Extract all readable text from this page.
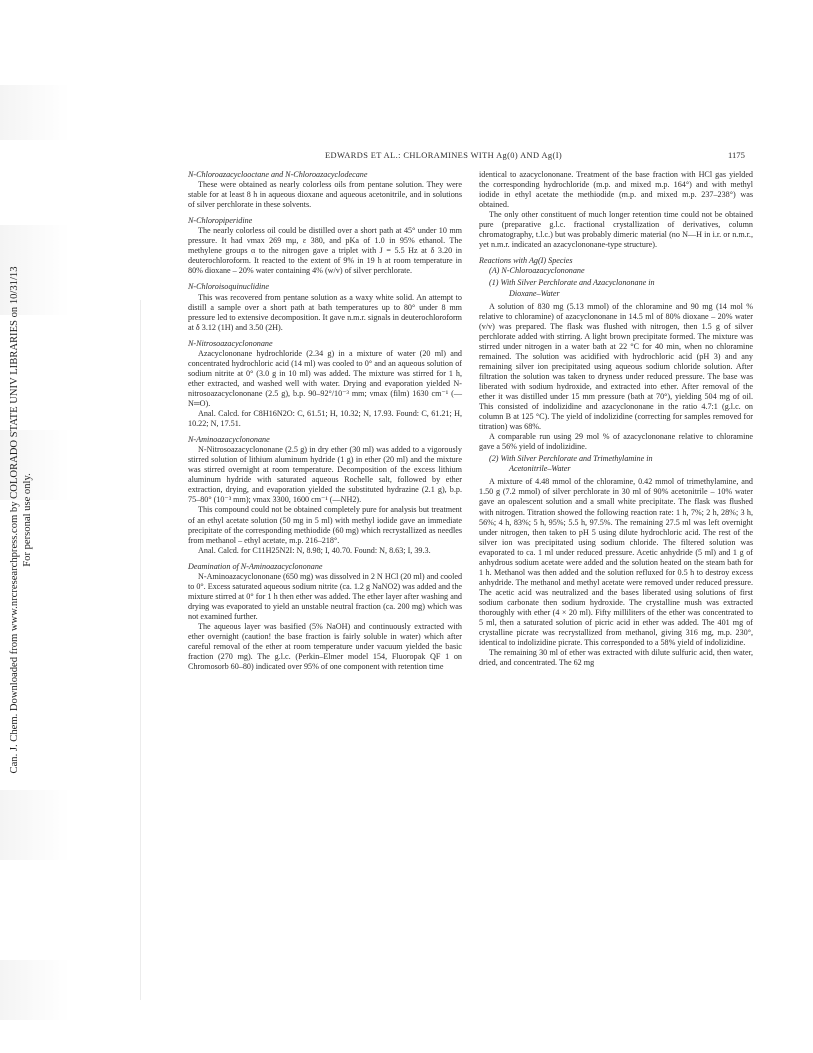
Can. J. Chem. Downloaded from www.nrcresearchpress.com by COLORADO STATE UNIV LIBRARIES on 10/31/13 For personal use only.
EDWARDS ET AL.: CHLORAMINES WITH Ag(0) AND Ag(I)	1175
N-Chloroazacyclooctane and N-Chloroazacyclodecane

These were obtained as nearly colorless oils from pentane solution. They were stable for at least 8 h in aqueous dioxane and aqueous acetonitrile, and in solutions of silver perchlorate in these solvents.

N-Chloropiperidine

The nearly colorless oil could be distilled over a short path at 45° under 10 mm pressure. It had νmax 269 mμ, ε 380, and pKa of 1.0 in 95% ethanol. The methylene groups α to the nitrogen gave a triplet with J = 5.5 Hz at δ 3.20 in deuterochloroform. It reacted to the extent of 9% in 19 h at room temperature in 80% dioxane – 20% water containing 4% (w/v) of silver perchlorate.

N-Chloroisoquinuclidine

This was recovered from pentane solution as a waxy white solid. An attempt to distill a sample over a short path at bath temperatures up to 80° under 8 mm pressure led to extensive decomposition. It gave n.m.r. signals in deuterochloroform at δ 3.12 (1H) and 3.50 (2H).

N-Nitrosoazacyclononane

Azacyclononane hydrochloride (2.34 g) in a mixture of water (20 ml) and concentrated hydrochloric acid (14 ml) was cooled to 0° and an aqueous solution of sodium nitrite at 0° (3.0 g in 10 ml) was added. The mixture was stirred for 1 h, ether extracted, and washed well with water. Drying and evaporation yielded N-nitrosoazacyclononane (2.5 g), b.p. 90–92°/10⁻³ mm; νmax (film) 1630 cm⁻¹ (—N═O).

Anal. Calcd. for C8H16N2O: C, 61.51; H, 10.32; N, 17.93. Found: C, 61.21; H, 10.22; N, 17.51.

N-Aminoazacyclononane

N-Nitrosoazacyclononane (2.5 g) in dry ether (30 ml) was added to a vigorously stirred solution of lithium aluminum hydride (1 g) in ether (20 ml) and the mixture was stirred overnight at room temperature. Decomposition of the excess lithium aluminum hydride with saturated aqueous Rochelle salt, followed by ether extraction, drying, and evaporation yielded the substituted hydrazine (2.1 g), b.p. 75–80° (10⁻³ mm); νmax 3300, 1600 cm⁻¹ (—NH2).

This compound could not be obtained completely pure for analysis but treatment of an ethyl acetate solution (50 mg in 5 ml) with methyl iodide gave an immediate precipitate of the corresponding methiodide (60 mg) which recrystallized as needles from methanol – ethyl acetate, m.p. 216–218°.

Anal. Calcd. for C11H25N2I: N, 8.98; I, 40.70. Found: N, 8.63; I, 39.3.

Deamination of N-Aminoazacyclononane

N-Aminoazacyclononane (650 mg) was dissolved in 2 N HCl (20 ml) and cooled to 0°. Excess saturated aqueous sodium nitrite (ca. 1.2 g NaNO2) was added and the mixture stirred at 0° for 1 h then ether was added. The ether layer after washing and drying was evaporated to yield an unstable neutral fraction (ca. 200 mg) which was not examined further.

The aqueous layer was basified (5% NaOH) and continuously extracted with ether overnight (caution! the base fraction is fairly soluble in water) which after careful removal of the ether at room temperature under vacuum yielded the basic fraction (270 mg). The g.l.c. (Perkin–Elmer model 154, Fluoropak QF 1 on Chromosorb 60–80) indicated over 95% of one component with retention time

identical to azacyclononane. Treatment of the base fraction with HCl gas yielded the corresponding hydrochloride (m.p. and mixed m.p. 164°) and with methyl iodide in ethyl acetate the methiodide (m.p. and mixed m.p. 237–238°) was obtained.

The only other constituent of much longer retention time could not be obtained pure (preparative g.l.c. fractional crystallization of derivatives, column chromatography, t.l.c.) but was probably dimeric material (no N—H in i.r. or n.m.r., yet n.m.r. indicated an azacyclononane-type structure).

Reactions with Ag(I) Species
(A) N-Chloroazacyclononane
(1) With Silver Perchlorate and Azacyclononane in
Dioxane–Water

A solution of 830 mg (5.13 mmol) of the chloramine and 90 mg (14 mol % relative to chloramine) of azacyclononane in 14.5 ml of 80% dioxane – 20% water (v/v) was prepared. The flask was flushed with nitrogen, then 1.5 g of silver perchlorate added with stirring. A light brown precipitate formed. The mixture was stirred under nitrogen in a water bath at 22 °C for 40 min, when no chloramine remained. The solution was acidified with hydrochloric acid (pH 3) and any remaining silver ion precipitated using aqueous sodium chloride solution. After filtration the solution was taken to dryness under reduced pressure. The base was liberated with sodium hydroxide, and extracted into ether. After removal of the ether it was distilled under 15 mm pressure (bath at 70°), yielding 504 mg of oil. This consisted of indolizidine and azacyclononane in the ratio 4.7:1 (g.l.c. on column B at 125 °C). The yield of indolizidine (correcting for samples removed for titration) was 68%.

A comparable run using 29 mol % of azacyclononane relative to chloramine gave a 56% yield of indolizidine.

(2) With Silver Perchlorate and Trimethylamine in
Acetonitrile–Water

A mixture of 4.48 mmol of the chloramine, 0.42 mmol of trimethylamine, and 1.50 g (7.2 mmol) of silver perchlorate in 30 ml of 90% acetonitrile – 10% water gave an opalescent solution and a small white precipitate. The flask was flushed with nitrogen. Titration showed the following reaction rate: 1 h, 7%; 2 h, 28%; 3 h, 56%; 4 h, 83%; 5 h, 95%; 5.5 h, 97.5%. The remaining 27.5 ml was left overnight under nitrogen, then taken to pH 5 using dilute hydrochloric acid. The rest of the silver ion was precipitated using sodium chloride. The filtered solution was evaporated to ca. 1 ml under reduced pressure. Acetic anhydride (5 ml) and 1 g of anhydrous sodium acetate were added and the solution heated on the steam bath for 1 h. Methanol was then added and the solution refluxed for 0.5 h to destroy excess anhydride. The methanol and methyl acetate were removed under reduced pressure. The acetic acid was neutralized and the bases liberated using solutions of first sodium carbonate then sodium hydroxide. The crystalline mush was extracted thoroughly with ether (4 × 20 ml). Fifty milliliters of the ether was concentrated to 5 ml, then a saturated solution of picric acid in ether was added. The 401 mg of crystalline picrate was recrystallized from methanol, giving 316 mg, m.p. 230°, identical to indolizidine picrate. This corresponded to a 58% yield of indolizidine.

The remaining 30 ml of ether was extracted with dilute sulfuric acid, then water, dried, and concentrated. The 62 mg
